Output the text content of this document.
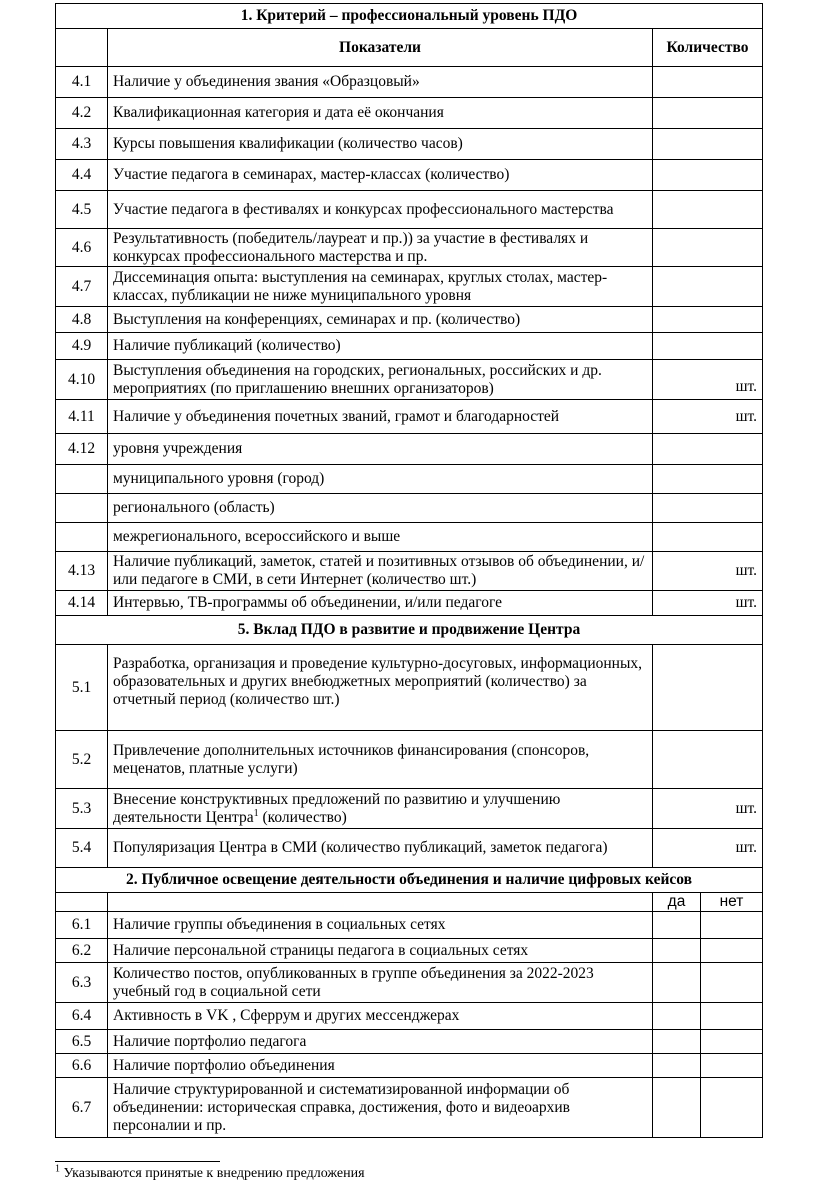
1. Критерий – профессиональный уровень ПДО			
	Показатели	Количество	
4.1	Наличие у объединения звания «Образцовый»		
4.2	Квалификационная категория и дата её окончания		
4.3	Курсы повышения квалификации (количество часов)		
4.4	Участие педагога в семинарах, мастер-классах (количество)		
4.5	Участие педагога в фестивалях и конкурсах профессионального мастерства		
4.6	Результативность (победитель/лауреат и пр.)) за участие в фестивалях и конкурсах профессионального мастерства и пр.		
4.7	Диссеминация опыта: выступления на семинарах, круглых столах, мастер-классах, публикации не ниже муниципального уровня		
4.8	Выступления на конференциях, семинарах и пр. (количество)		
4.9	Наличие публикаций (количество)		
4.10	Выступления объединения на городских, региональных, российских и др. мероприятиях (по приглашению внешних организаторов)	шт.	
4.11	Наличие у объединения почетных званий, грамот и благодарностей	шт.	
4.12	уровня учреждения		
	муниципального уровня (город)		
	регионального (область)		
	межрегионального, всероссийского и выше		
4.13	Наличие публикаций, заметок, статей и позитивных отзывов об объединении, и/или педагоге в СМИ, в сети Интернет (количество шт.)	шт.	
4.14	Интервью, ТВ-программы об объединении, и/или педагоге	шт.	
5. Вклад ПДО в развитие и продвижение Центра			
5.1	Разработка, организация и проведение культурно-досуговых, информационных, образовательных и других внебюджетных мероприятий (количество) за отчетный период (количество шт.)		
5.2	Привлечение дополнительных источников финансирования (спонсоров, меценатов, платные услуги)		
5.3	Внесение конструктивных предложений по развитию и улучшению деятельности Центра$^1$ (количество)	шт.	
5.4	Популяризация Центра в СМИ (количество публикаций, заметок педагога)	шт.	
2. Публичное освещение деятельности объединения и наличие цифровых кейсов			
		да	нет
6.1	Наличие группы объединения в социальных сетях		
6.2	Наличие персональной страницы педагога в социальных сетях		
6.3	Количество постов, опубликованных в группе объединения за 2022-2023 учебный год в социальной сети		
6.4	Активность в VK , Сферрум и других мессенджерах		
6.5	Наличие портфолио педагога		
6.6	Наличие портфолио объединения		
6.7	Наличие структурированной и систематизированной информации об объединении: историческая справка, достижения, фото и видеоархив персоналии и пр.		
$^1$ Указываются принятые к внедрению предложения
